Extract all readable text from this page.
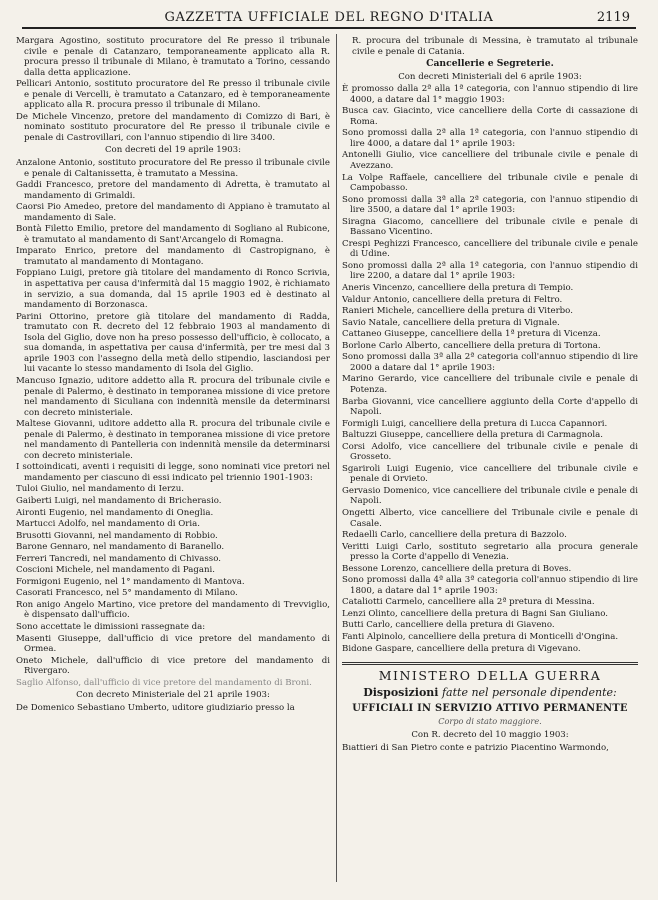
GAZZETTA UFFICIALE DEL REGNO D'ITALIA	2119
Margara Agostino, sostituto procuratore del Re presso il tribunale civile e penale di Catanzaro, temporaneamente applicato alla R. procura presso il tribunale di Milano, è tramutato a Torino, cessando dalla detta applicazione.
Pellicari Antonio, sostituto procuratore del Re presso il tribunale civile e penale di Vercelli, è tramutato a Catanzaro, ed è temporaneamente applicato alla R. procura presso il tribunale di Milano.
De Michele Vincenzo, pretore del mandamento di Comizzo di Bari, è nominato sostituto procuratore del Re presso il tribunale civile e penale di Castrovillari, con l'annuo stipendio di lire 3400.
Con decreti del 19 aprile 1903:
Anzalone Antonio, sostituto procuratore del Re presso il tribunale civile e penale di Caltanissetta, è tramutato a Messina.
Gaddi Francesco, pretore del mandamento di Adretta, è tramutato al mandamento di Grimaldi.
Caorsi Pio Amedeo, pretore del mandamento di Appiano è tramutato al mandamento di Sale.
Bontà Filetto Emilio, pretore del mandamento di Sogliano al Rubicone, è tramutato al mandamento di Sant'Arcangelo di Romagna.
Imparato Enrico, pretore del mandamento di Castropignano, è tramutato al mandamento di Montagano.
Foppiano Luigi, pretore già titolare del mandamento di Ronco Scrivia, in aspettativa per causa d'infermità dal 15 maggio 1902, è richiamato in servizio, a sua domanda, dal 15 aprile 1903 ed è destinato al mandamento di Borzonasca.
Parini Ottorino, pretore già titolare del mandamento di Radda, tramutato con R. decreto del 12 febbraio 1903 al mandamento di Isola del Giglio, dove non ha preso possesso dell'ufficio, è collocato, a sua domanda, in aspettativa per causa d'infermità, per tre mesi dal 3 aprile 1903 con l'assegno della metà dello stipendio, lasciandosi per lui vacante lo stesso mandamento di Isola del Giglio.
Mancuso Ignazio, uditore addetto alla R. procura del tribunale civile e penale di Palermo, è destinato in temporanea missione di vice pretore nel mandamento di Siculiana con indennità mensile da determinarsi con decreto ministeriale.
Maltese Giovanni, uditore addetto alla R. procura del tribunale civile e penale di Palermo, è destinato in temporanea missione di vice pretore nel mandamento di Pantelleria con indennità mensile da determinarsi con decreto ministeriale.
I sottoindicati, aventi i requisiti di legge, sono nominati vice pretori nel mandamento per ciascuno di essi indicato pel triennio 1901-1903:
Tuloi Giulio, nel mandamento di Ierzu.
Gaiberti Luigi, nel mandamento di Bricherasio.
Aironti Eugenio, nel mandamento di Oneglia.
Martucci Adolfo, nel mandamento di Oria.
Brusotti Giovanni, nel mandamento di Robbio.
Barone Gennaro, nel mandamento di Baranello.
Ferreri Tancredi, nel mandamento di Chivasso.
Coscioni Michele, nel mandamento di Pagani.
Formigoni Eugenio, nel 1° mandamento di Mantova.
Casorati Francesco, nel 5° mandamento di Milano.
Ron anigo Angelo Martino, vice pretore del mandamento di Trevviglio, è dispensato dall'ufficio.
Sono accettate le dimissioni rassegnate da:
Masenti Giuseppe, dall'ufficio di vice pretore del mandamento di Ormea.
Oneto Michele, dall'ufficio di vice pretore del mandamento di Rivergaro.
Saglio Alfonso, dall'ufficio di vice pretore del mandamento di Broni.
Con decreto Ministeriale del 21 aprile 1903:
De Domenico Sebastiano Umberto, uditore giudiziario presso la
R. procura del tribunale di Messina, è tramutato al tribunale civile e penale di Catania.
Cancellerie e Segreterie.
Con decreti Ministeriali del 6 aprile 1903:
È promosso dalla 2ª alla 1ª categoria, con l'annuo stipendio di lire 4000, a datare dal 1° maggio 1903:
Busca cav. Giacinto, vice cancelliere della Corte di cassazione di Roma.
Sono promossi dalla 2ª alla 1ª categoria, con l'annuo stipendio di lire 4000, a datare dal 1° aprile 1903:
Antonelli Giulio, vice cancelliere del tribunale civile e penale di Avezzano.
La Volpe Raffaele, cancelliere del tribunale civile e penale di Campobasso.
Sono promossi dalla 3ª alla 2ª categoria, con l'annuo stipendio di lire 3500, a datare dal 1° aprile 1903:
Siragna Giacomo, cancelliere del tribunale civile e penale di Bassano Vicentino.
Crespi Peghizzi Francesco, cancelliere del tribunale civile e penale di Udine.
Sono promossi dalla 2ª alla 1ª categoria, con l'annuo stipendio di lire 2200, a datare dal 1° aprile 1903:
Aneris Vincenzo, cancelliere della pretura di Tempio.
Valdur Antonio, cancelliere della pretura di Feltro.
Ranieri Michele, cancelliere della pretura di Viterbo.
Savio Natale, cancelliere della pretura di Vignale.
Cattaneo Giuseppe, cancelliere della 1ª pretura di Vicenza.
Borlone Carlo Alberto, cancelliere della pretura di Tortona.
Sono promossi dalla 3ª alla 2ª categoria coll'annuo stipendio di lire 2000 a datare dal 1° aprile 1903:
Marino Gerardo, vice cancelliere del tribunale civile e penale di Potenza.
Barba Giovanni, vice cancelliere aggiunto della Corte d'appello di Napoli.
Formigli Luigi, cancelliere della pretura di Lucca Capannori.
Baltuzzi Giuseppe, cancelliere della pretura di Carmagnola.
Corsi Adolfo, vice cancelliere del tribunale civile e penale di Grosseto.
Sgariroli Luigi Eugenio, vice cancelliere del tribunale civile e penale di Orvieto.
Gervasio Domenico, vice cancelliere del tribunale civile e penale di Napoli.
Ongetti Alberto, vice cancelliere del Tribunale civile e penale di Casale.
Redaelli Carlo, cancelliere della pretura di Bazzolo.
Veritti Luigi Carlo, sostituto segretario alla procura generale presso la Corte d'appello di Venezia.
Bessone Lorenzo, cancelliere della pretura di Boves.
Sono promossi dalla 4ª alla 3ª categoria coll'annuo stipendio di lire 1800, a datare dal 1° aprile 1903:
Cataliotti Carmelo, cancelliere alla 2ª pretura di Messina.
Lenzi Olinto, cancelliere della pretura di Bagni San Giuliano.
Butti Carlo, cancelliere della pretura di Giaveno.
Fanti Alpinolo, cancelliere della pretura di Monticelli d'Ongina.
Bidone Gaspare, cancelliere della pretura di Vigevano.
MINISTERO DELLA GUERRA
Disposizioni fatte nel personale dipendente:
UFFICIALI IN SERVIZIO ATTIVO PERMANENTE
Corpo di stato maggiore.
Con R. decreto del 10 maggio 1903:
Bıattieri di San Pietro conte e patrizio Piacentino Warmondo,
